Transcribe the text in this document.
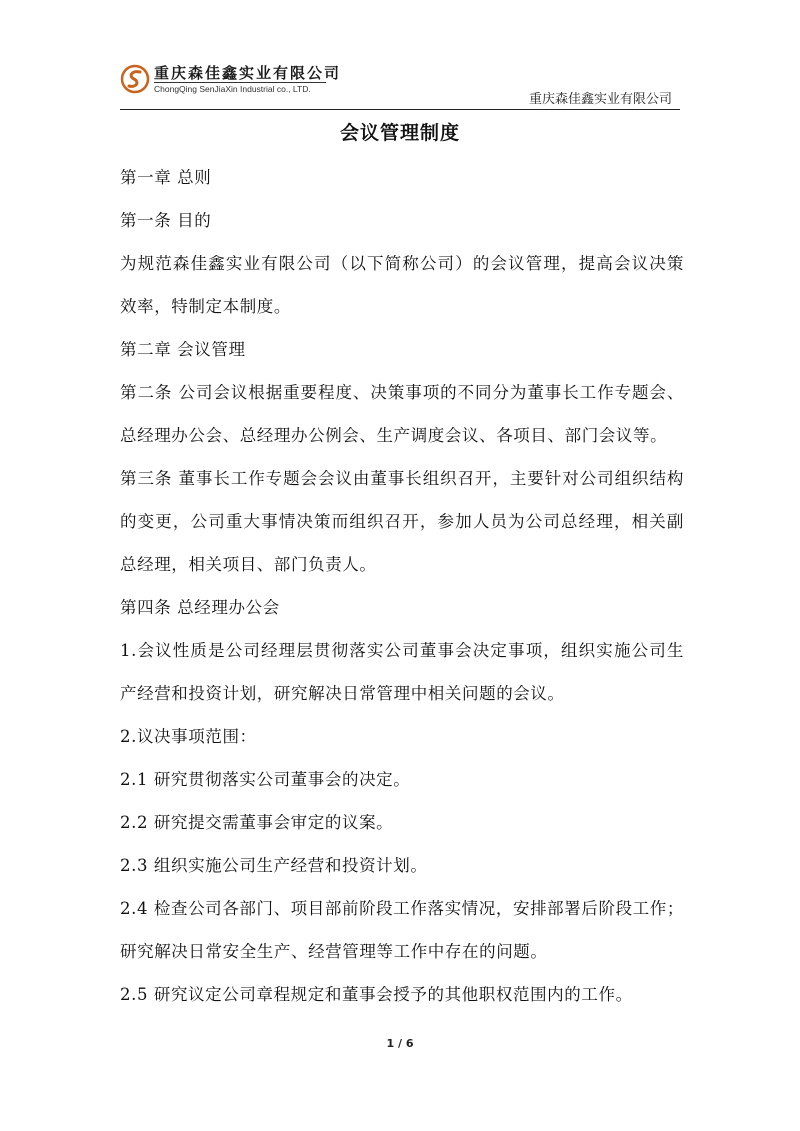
重庆森佳鑫实业有限公司
ChongQing SenJiaXin Industrial co., LTD.
重庆森佳鑫实业有限公司
会议管理制度

第一章 总则

第一条 目的

为规范森佳鑫实业有限公司（以下简称公司）的会议管理，提高会议决策效率，特制定本制度。

第二章 会议管理

第二条 公司会议根据重要程度、决策事项的不同分为董事长工作专题会、总经理办公会、总经理办公例会、生产调度会议、各项目、部门会议等。

第三条 董事长工作专题会会议由董事长组织召开，主要针对公司组织结构的变更，公司重大事情决策而组织召开，参加人员为公司总经理，相关副总经理，相关项目、部门负责人。

第四条 总经理办公会

1.会议性质是公司经理层贯彻落实公司董事会决定事项，组织实施公司生产经营和投资计划，研究解决日常管理中相关问题的会议。

2.议决事项范围：

2.1 研究贯彻落实公司董事会的决定。

2.2 研究提交需董事会审定的议案。

2.3 组织实施公司生产经营和投资计划。

2.4 检查公司各部门、项目部前阶段工作落实情况，安排部署后阶段工作；研究解决日常安全生产、经营管理等工作中存在的问题。

2.5 研究议定公司章程规定和董事会授予的其他职权范围内的工作。

1 / 6
